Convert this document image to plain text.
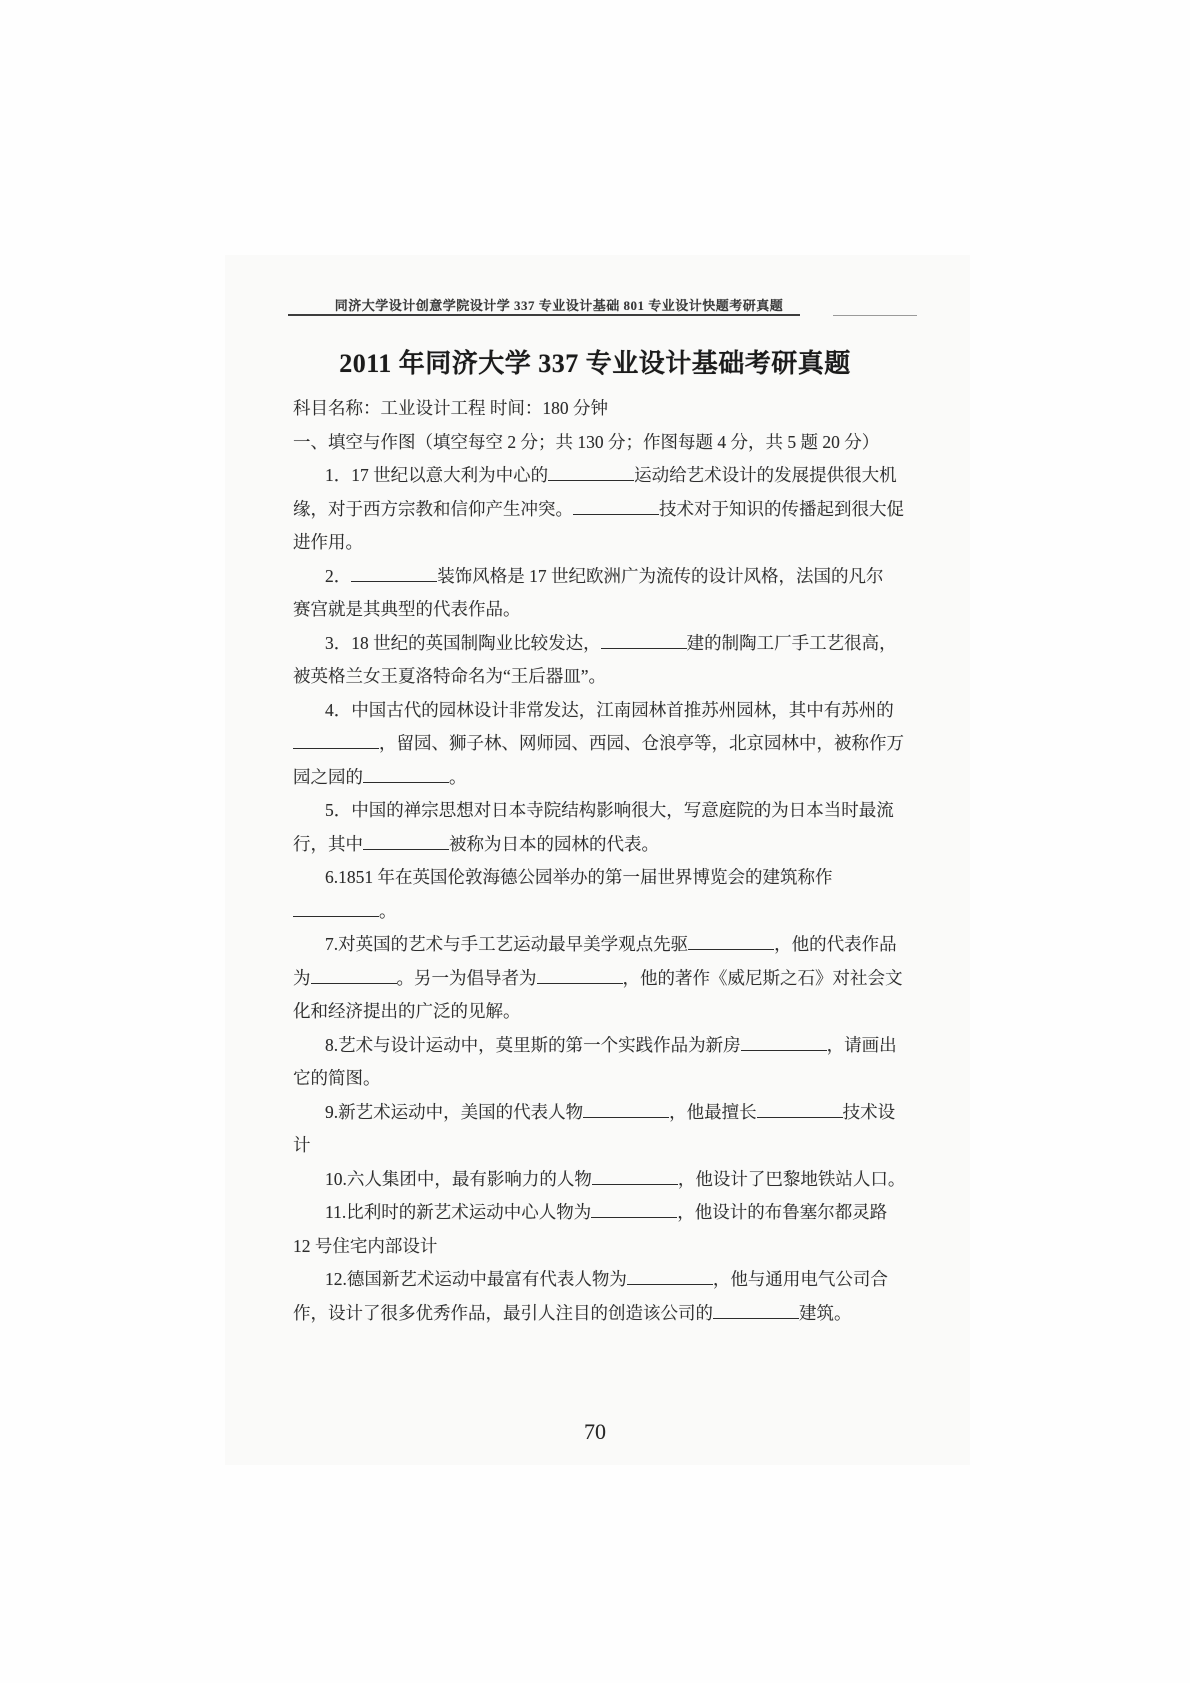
同济大学设计创意学院设计学 337 专业设计基础 801 专业设计快题考研真题
2011 年同济大学 337 专业设计基础考研真题
科目名称：工业设计工程 时间：180 分钟
一、填空与作图（填空每空 2 分；共 130 分；作图每题 4 分，共 5 题 20 分）
1．17 世纪以意大利为中心的	运动给艺术设计的发展提供很大机
缘，对于西方宗教和信仰产生冲突。	技术对于知识的传播起到很大促
进作用。
2．	装饰风格是 17 世纪欧洲广为流传的设计风格，法国的凡尔
赛宫就是其典型的代表作品。
3．18 世纪的英国制陶业比较发达，	建的制陶工厂手工艺很高，
被英格兰女王夏洛特命名为“王后器皿”。
4．中国古代的园林设计非常发达，江南园林首推苏州园林，其中有苏州的
，留园、狮子林、网师园、西园、仓浪亭等，北京园林中，被称作万
园之园的	。
5．中国的禅宗思想对日本寺院结构影响很大，写意庭院的为日本当时最流
行，其中	被称为日本的园林的代表。
6.1851 年在英国伦敦海德公园举办的第一届世界博览会的建筑称作
。
7.对英国的艺术与手工艺运动最早美学观点先驱	，他的代表作品
为	。另一为倡导者为	，他的著作《威尼斯之石》对社会文
化和经济提出的广泛的见解。
8.艺术与设计运动中，莫里斯的第一个实践作品为新房	，请画出
它的简图。
9.新艺术运动中，美国的代表人物	，他最擅长	技术设
计
10.六人集团中，最有影响力的人物	，他设计了巴黎地铁站人口。
11.比利时的新艺术运动中心人物为	，他设计的布鲁塞尔都灵路
12 号住宅内部设计
12.德国新艺术运动中最富有代表人物为	，他与通用电气公司合
作，设计了很多优秀作品，最引人注目的创造该公司的	建筑。
70
